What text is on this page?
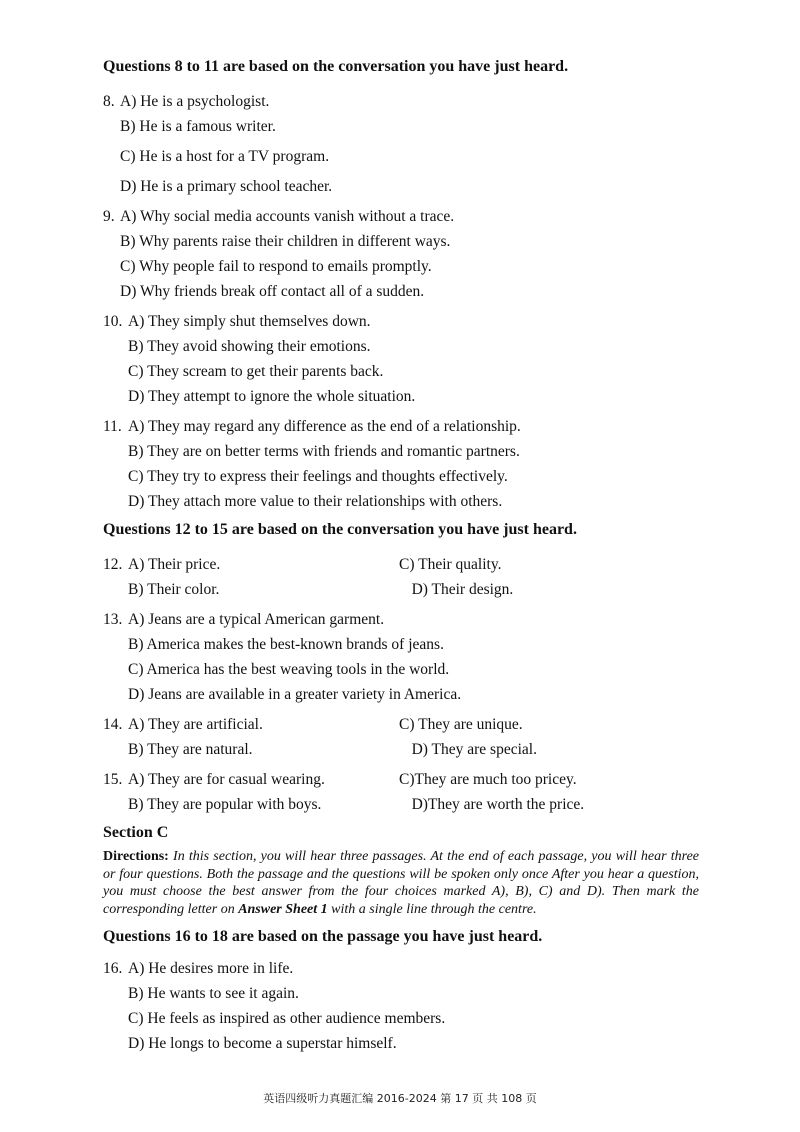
Questions 8 to 11 are based on the conversation you have just heard.
8. A) He is a psychologist.
B) He is a famous writer.
C) He is a host for a TV program.
D) He is a primary school teacher.
9. A) Why social media accounts vanish without a trace.
B) Why parents raise their children in different ways.
C) Why people fail to respond to emails promptly.
D) Why friends break off contact all of a sudden.
10. A) They simply shut themselves down.
B) They avoid showing their emotions.
C) They scream to get their parents back.
D) They attempt to ignore the whole situation.
11. A) They may regard any difference as the end of a relationship.
B) They are on better terms with friends and romantic partners.
C) They try to express their feelings and thoughts effectively.
D) They attach more value to their relationships with others.
Questions 12 to 15 are based on the conversation you have just heard.
12. A) Their price.	C) Their quality.
B) Their color.	D) Their design.
13. A) Jeans are a typical American garment.
B) America makes the best-known brands of jeans.
C) America has the best weaving tools in the world.
D) Jeans are available in a greater variety in America.
14. A) They are artificial.	C) They are unique.
B) They are natural.	D) They are special.
15. A) They are for casual wearing.	C)They are much too pricey.
B) They are popular with boys.	D)They are worth the price.
Section C
Directions: In this section, you will hear three passages. At the end of each passage, you will hear three or four questions. Both the passage and the questions will be spoken only once After you hear a question, you must choose the best answer from the four choices marked A), B), C) and D). Then mark the corresponding letter on Answer Sheet 1 with a single line through the centre.
Questions 16 to 18 are based on the passage you have just heard.
16. A) He desires more in life.
B) He wants to see it again.
C) He feels as inspired as other audience members.
D) He longs to become a superstar himself.
英语四级听力真题汇编 2016-2024 第 17 页 共 108 页
